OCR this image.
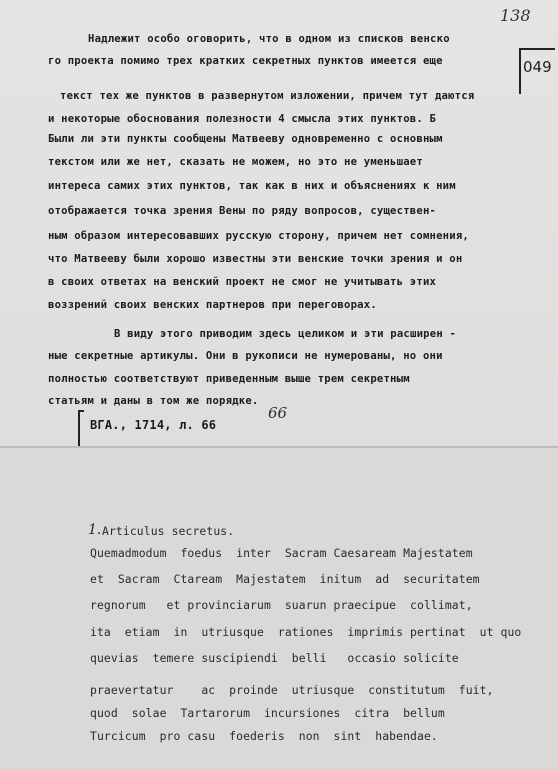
138
049
Надлежит особо оговорить, что в одном из списков венско
го проекта помимо трех кратких секретных пунктов имеется еще
текст тех же пунктов в развернутом изложении, причем тут даются
и некоторые обоснования полезности 4 смысла этих пунктов. Б
Были ли эти пункты сообщены Матвееву одновременно с основным
текстом или же нет, сказать не можем, но это не уменьшает
интереса самих этих пунктов, так как в них и объяснениях к ним
отображается точка зрения Вены по ряду вопросов, существен-
ным образом интересовавших русскую сторону, причем нет сомнения,
что Матвееву были хорошо известны эти венские точки зрения и он
в своих ответах на венский проект не смог не учитывать этих
воззрений своих венских партнеров при переговорах.
В виду этого приводим здесь целиком и эти расширен -
ные секретные артикулы. Они в рукописи не нумерованы, но они
полностью соответствуют приведенным выше трем секретным
статьям и даны в том же порядке.
ВГА., 1714, л. 66
66
1. Articulus secretus.
Quemadmodum  foedus  inter  Sacram Caesaream Majestatem
et  Sacram  Ctaream  Majestatem  initum  ad  securitatem
regnorum   et provinciarum  suarun praecipue  collimat,
ita  etiam  in  utriusque  rationes  imprimis pertinat  ut quo
quevias  temere suscipiendi  belli   occasio solicite
praevertatur    ac  proinde  utriusque  constitutum  fuit,
quod  solae  Tartarorum  incursiones  citra  bellum
Turcicum  pro casu  foederis  non  sint  habendae.
